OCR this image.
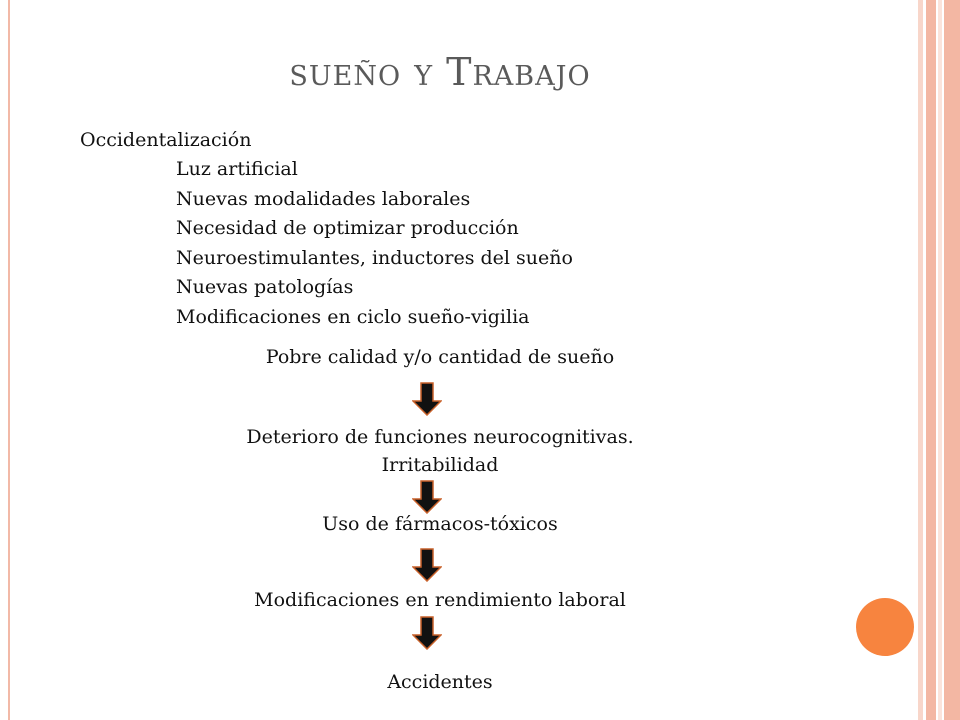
sueño y Trabajo
Occidentalización
Luz artificial
Nuevas modalidades laborales
Necesidad de optimizar producción
Neuroestimulantes, inductores del sueño
Nuevas patologías
Modificaciones en ciclo sueño-vigilia
Pobre calidad y/o cantidad de sueño
Deterioro de funciones neurocognitivas.
Irritabilidad
Uso de fármacos-tóxicos
Modificaciones en rendimiento laboral
Accidentes
